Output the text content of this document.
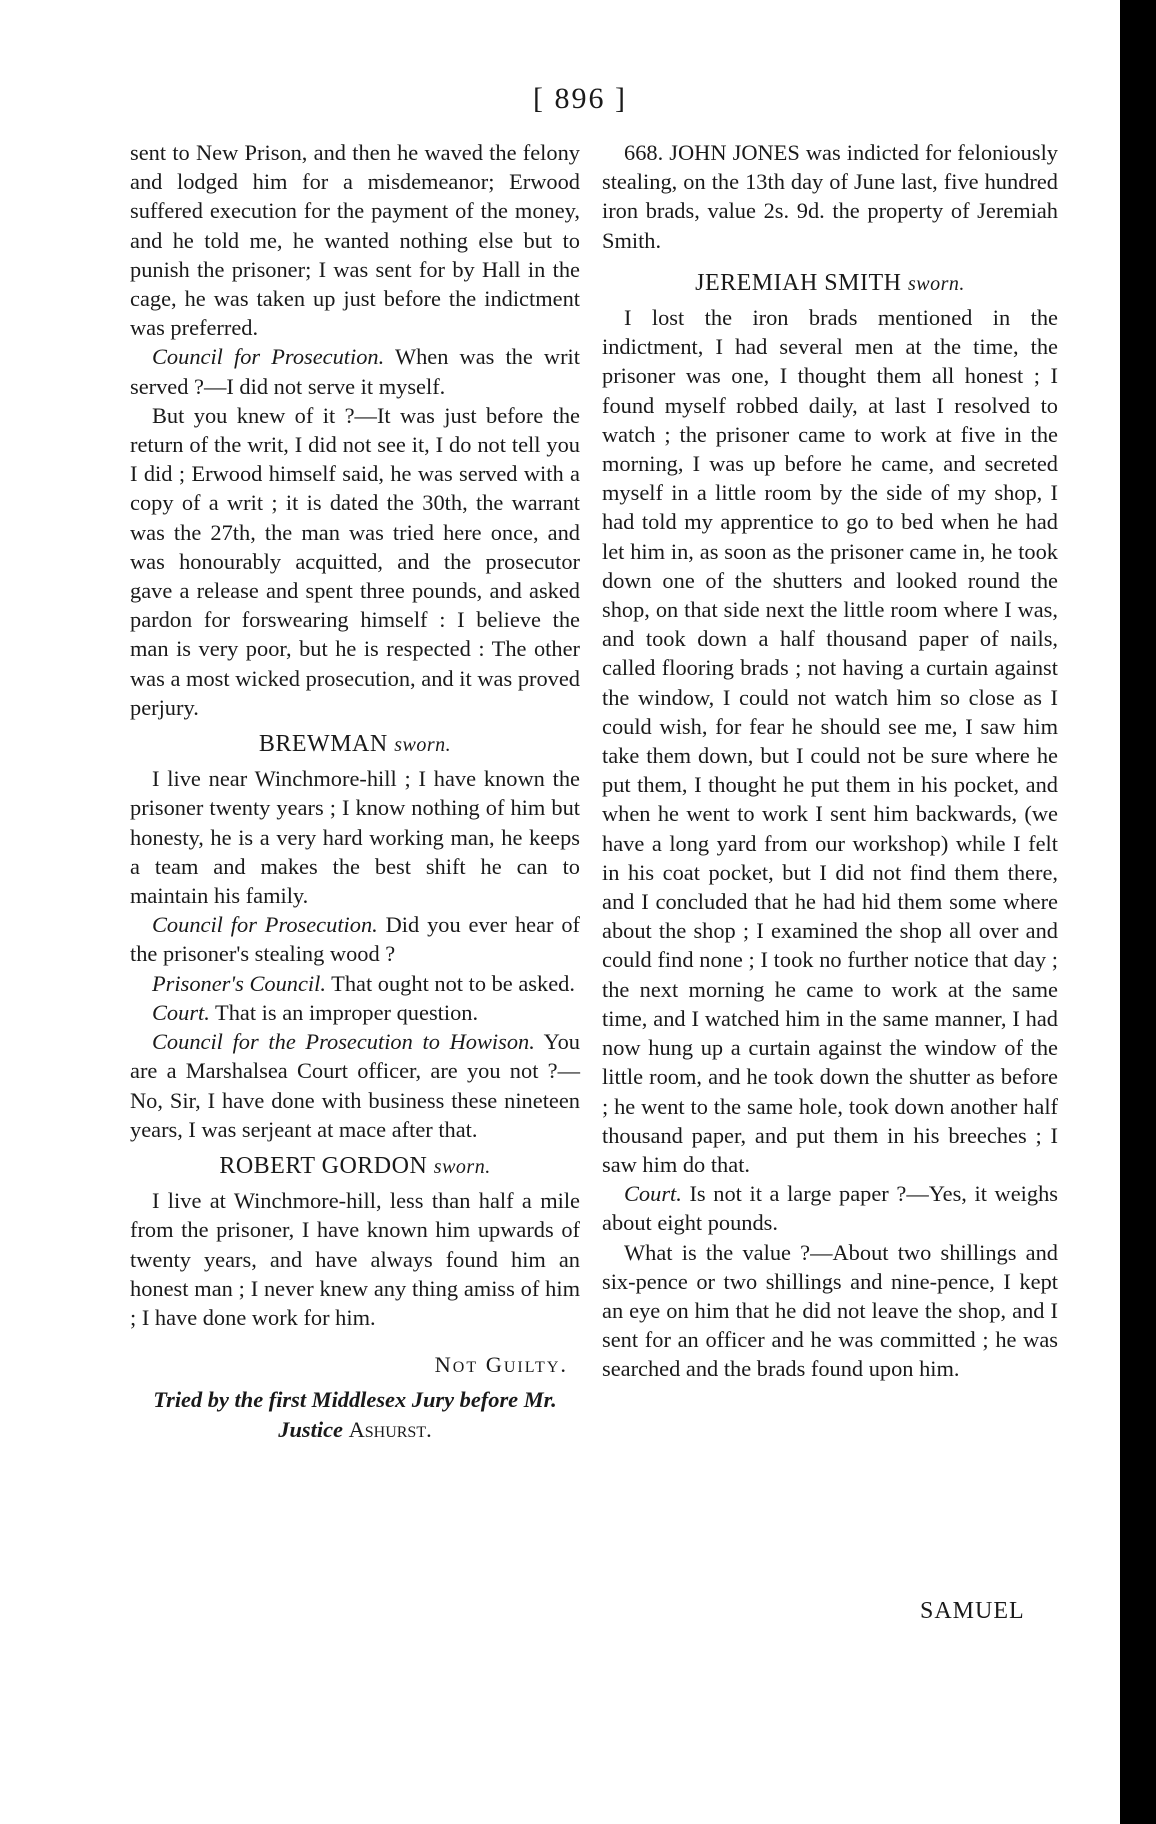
[ 896 ]

sent to New Prison, and then he waved the felony and lodged him for a misdemeanor; Erwood suffered execution for the payment of the money, and he told me, he wanted nothing else but to punish the prisoner; I was sent for by Hall in the cage, he was taken up just before the indictment was preferred.

Council for Prosecution. When was the writ served ?—I did not serve it myself.

But you knew of it ?—It was just before the return of the writ, I did not see it, I do not tell you I did ; Erwood himself said, he was served with a copy of a writ ; it is dated the 30th, the warrant was the 27th, the man was tried here once, and was honourably acquitted, and the prosecutor gave a release and spent three pounds, and asked pardon for forswearing himself : I believe the man is very poor, but he is respected : The other was a most wicked prosecution, and it was proved perjury.

BREWMAN sworn.

I live near Winchmore-hill ; I have known the prisoner twenty years ; I know nothing of him but honesty, he is a very hard working man, he keeps a team and makes the best shift he can to maintain his family.

Council for Prosecution. Did you ever hear of the prisoner's stealing wood ?

Prisoner's Council. That ought not to be asked.

Court. That is an improper question.

Council for the Prosecution to Howison. You are a Marshalsea Court officer, are you not ?—No, Sir, I have done with business these nineteen years, I was serjeant at mace after that.

ROBERT GORDON sworn.

I live at Winchmore-hill, less than half a mile from the prisoner, I have known him upwards of twenty years, and have always found him an honest man ; I never knew any thing amiss of him ; I have done work for him.

Not Guilty.

Tried by the first Middlesex Jury before Mr. Justice Ashurst.

668. JOHN JONES was indicted for feloniously stealing, on the 13th day of June last, five hundred iron brads, value 2s. 9d. the property of Jeremiah Smith.

JEREMIAH SMITH sworn.

I lost the iron brads mentioned in the indictment, I had several men at the time, the prisoner was one, I thought them all honest ; I found myself robbed daily, at last I resolved to watch ; the prisoner came to work at five in the morning, I was up before he came, and secreted myself in a little room by the side of my shop, I had told my apprentice to go to bed when he had let him in, as soon as the prisoner came in, he took down one of the shutters and looked round the shop, on that side next the little room where I was, and took down a half thousand paper of nails, called flooring brads ; not having a curtain against the window, I could not watch him so close as I could wish, for fear he should see me, I saw him take them down, but I could not be sure where he put them, I thought he put them in his pocket, and when he went to work I sent him backwards, (we have a long yard from our workshop) while I felt in his coat pocket, but I did not find them there, and I concluded that he had hid them some where about the shop ; I examined the shop all over and could find none ; I took no further notice that day ; the next morning he came to work at the same time, and I watched him in the same manner, I had now hung up a curtain against the window of the little room, and he took down the shutter as before ; he went to the same hole, took down another half thousand paper, and put them in his breeches ; I saw him do that.

Court. Is not it a large paper ?—Yes, it weighs about eight pounds.

What is the value ?—About two shillings and six-pence or two shillings and nine-pence, I kept an eye on him that he did not leave the shop, and I sent for an officer and he was committed ; he was searched and the brads found upon him.

SAMUEL
